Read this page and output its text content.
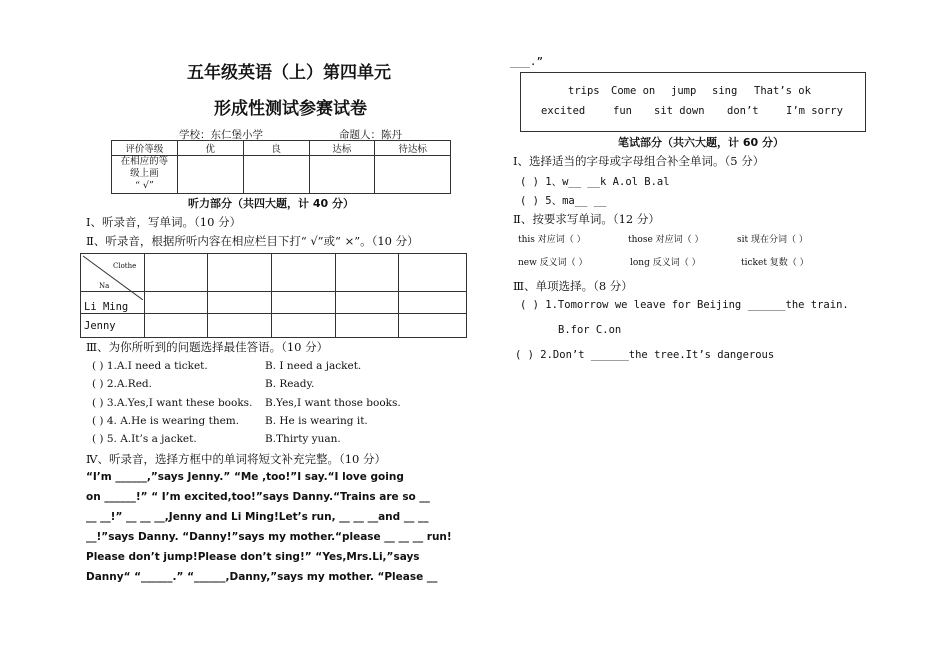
五年级英语（上）第四单元
形成性测试参赛试卷
学校：东仁堡小学	命题人：陈丹
评价等级	优	良	达标	待达标

在相应的等
级上画
“ √”				

听力部分（共四大题，计 40 分）
Ⅰ、听录音，写单词。（10 分）
Ⅱ、听录音，根据所听内容在相应栏目下打“ √”或“ ×”。（10 分）
Clothe
Na					

Li Ming					
Jenny					
Ⅲ、为你所听到的问题选择最佳答语。（10 分）
( ) 1.A.I need a ticket.	B. I need a jacket.
( ) 2.A.Red.	B. Ready.
( ) 3.A.Yes,I want these books. B.Yes,I want those books.
( ) 4. A.He is wearing them. B. He is wearing it.
( ) 5. A.It’s a jacket.	B.Thirty yuan.
Ⅳ、听录音，选择方框中的单词将短文补充完整。（10 分）
“I’m ______,”says Jenny.” “Me ,too!”I say.“I love going
on ______!” “ I’m excited,too!”says Danny.“Trains are so __
__ __!” __ __ __,Jenny and Li Ming!Let’s run, __ __ __and __ __
__!”says Danny. “Danny!”says my mother.“please __ __ __ run!
Please don’t jump!Please don’t sing!” “Yes,Mrs.Li,”says
Danny“ “______.” “______,Danny,”says my mother. “Please __
___.”
trips Come on jump sing That’s ok
excited	fun sit down don’t	I’m sorry
笔试部分（共六大题，计 60 分）
Ⅰ、选择适当的字母或字母组合补全单词。（5 分）
( ) 1、w__ __k A.ol B.al
( ) 5、ma__ __
Ⅱ、按要求写单词。（12 分）
this 对应词（ ）	those 对应词（ ）	sit 现在分词（ ）
new 反义词（ ）	long 反义词（ ）	ticket 复数（ ）
Ⅲ、单项选择。（8 分）
( ) 1.Tomorrow we leave for Beijing ______the train.
B.for C.on
( ) 2.Don’t ______the tree.It’s dangerous
